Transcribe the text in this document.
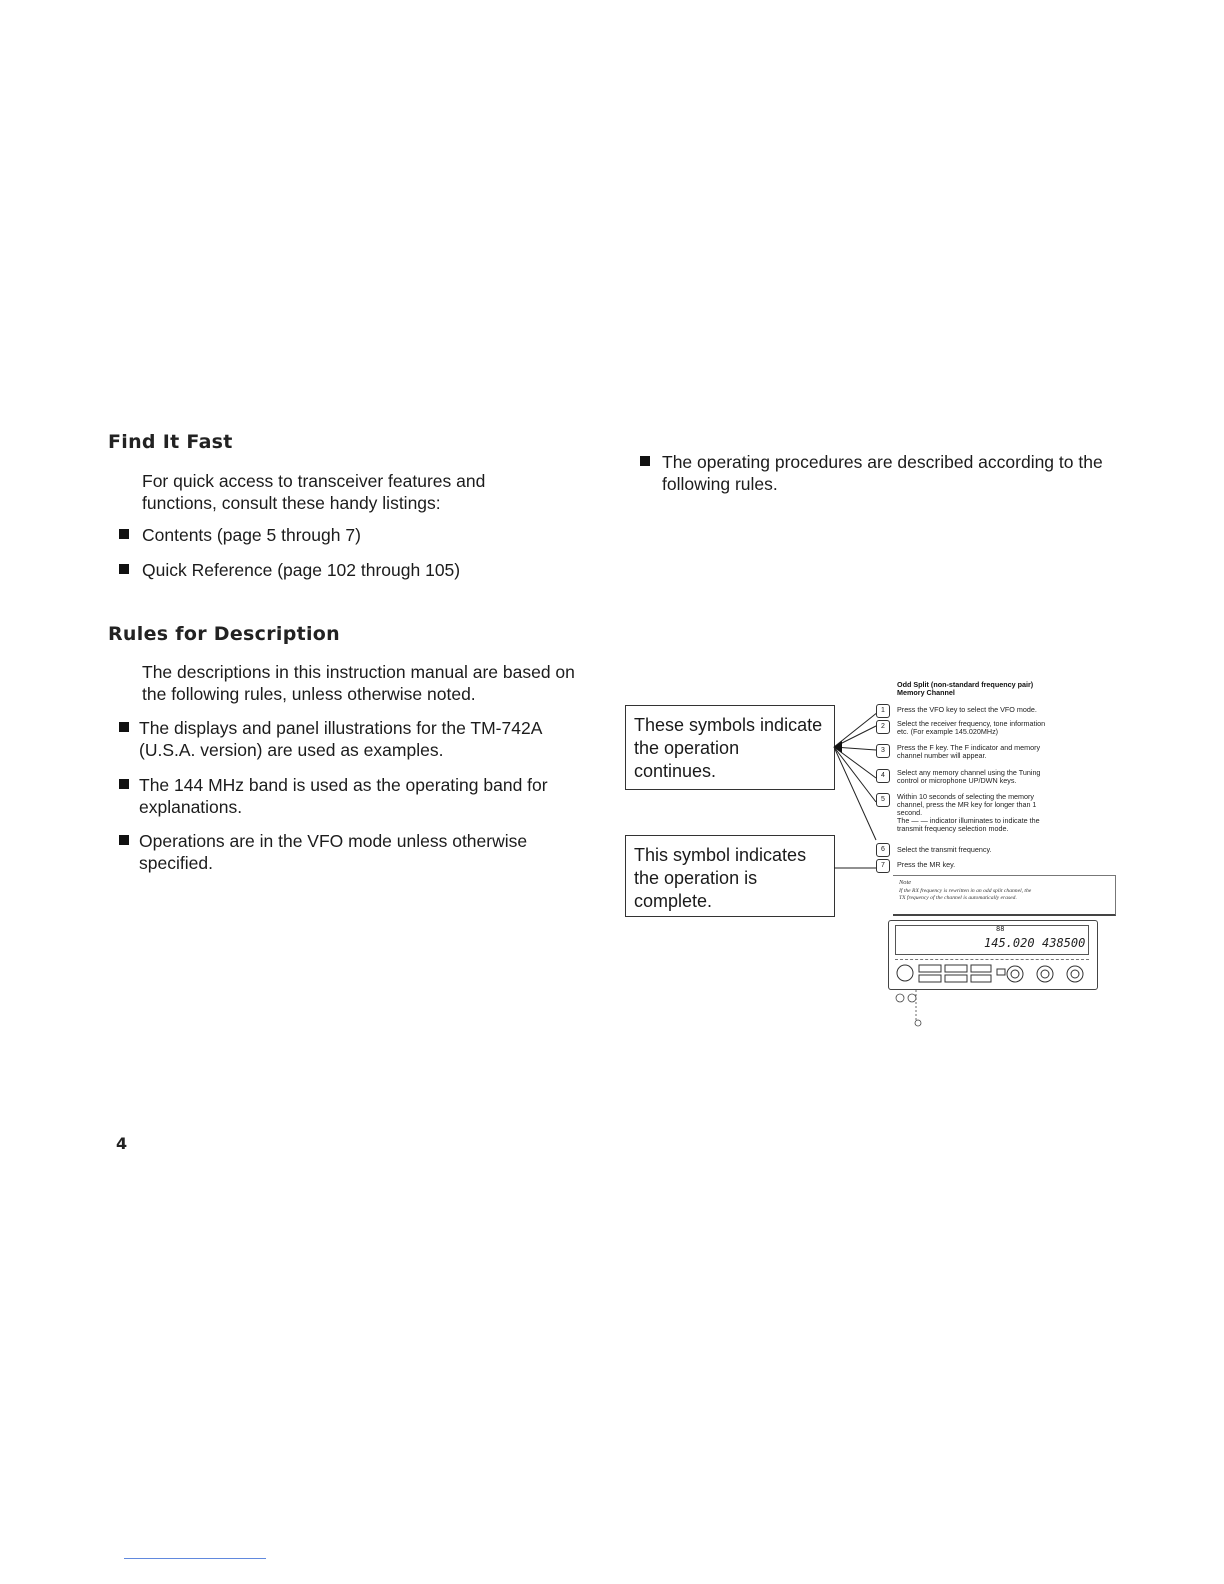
Find It Fast
For quick access to transceiver features and functions, consult these handy listings:
Contents (page 5 through 7)
Quick Reference (page 102 through 105)
Rules for Description
The descriptions in this instruction manual are based on the following rules, unless otherwise noted.
The displays and panel illustrations for the TM-742A (U.S.A. version) are used as examples.
The 144 MHz band is used as the operating band for explanations.
Operations are in the VFO mode unless otherwise specified.
The operating procedures are described according to the following rules.
These symbols indicate the operation continues.
This symbol indicates the operation is complete.
Odd Split (non-standard frequency pair)
Memory Channel
1	Press the VFO key to select the VFO mode.
2	Select the receiver frequency, tone information
etc. (For example 145.020MHz)
3	Press the F key. The F indicator and memory
channel number will appear.
4	Select any memory channel using the Tuning
control or microphone UP/DWN keys.
5	Within 10 seconds of selecting the memory
channel, press the MR key for longer than 1
second.
The — — indicator illuminates to indicate the
transmit frequency selection mode.
6	Select the transmit frequency.
7	Press the MR key.
Note
If the RX frequency is rewritten in an odd split channel, the
TX frequency of the channel is automatically erased.
88
145.020 438500
4
